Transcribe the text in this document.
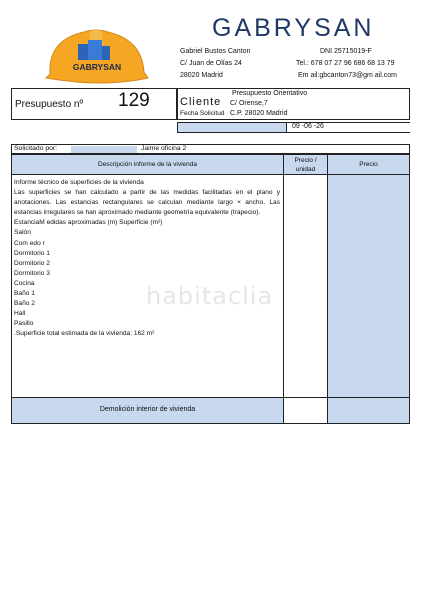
GABRYSAN
GABRYSAN
Gabriel Bustos Canton
C/ Juan de Olías 24
28020 Madrid
DNI 25715019-F
Tel.: 678 07 27 96 686 68 13 79
Em ail:gbcanton73@gm ail.com
Presupuesto nº 129	Cliente
Fecha Solicitud
Presupuesto Orientativo
C/ Orense,7
C.P. 28020 Madrid
09 -06 -26
Solicitado por:	Jaime oficina 2
Descripción informe de la vivienda
Precio / unidad
Precio
Informe técnico de superficies de la vivienda
Las superficies se han calculado a partir de las medidas facilitadas en el plano y anotaciones. Las estancias rectangulares se calculan mediante largo × ancho. Las estancias irregulares se han aproximado mediante geometría equivalente (trapecio).
EstanciaM edidas aproximadas (m) Superficie (m²)
Salón
Com edo r
Dormitorio 1
Dormitorio 2
Dormitorio 3
Cocina
Baño 1
Baño 2
Hall
Pasillo
.Superficie total estimada de la vivienda: 162 m²
habitaclia
Demolición interior de vivienda
